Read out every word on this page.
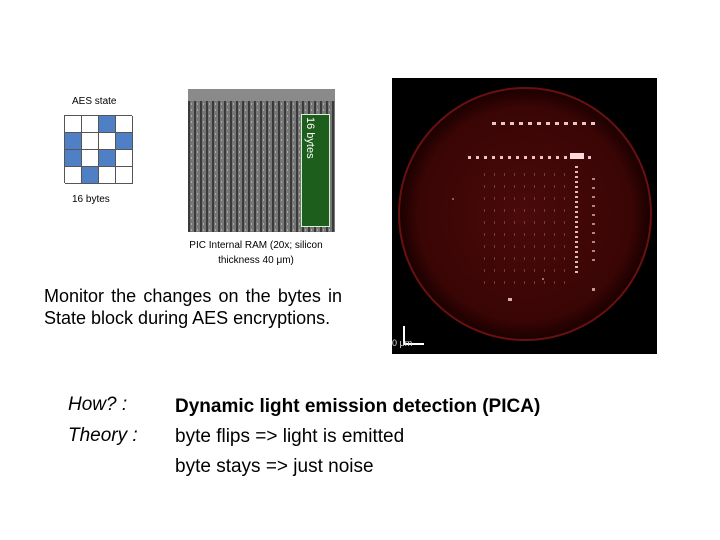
AES state
16 bytes
16 bytes
PIC Internal RAM (20x; silicon
thickness 40 μm)
0 μm
Monitor the changes on the bytes in State block during AES encryptions.
How? :	Dynamic light emission detection (PICA)
Theory : byte flips => light is emitted
byte stays => just noise
